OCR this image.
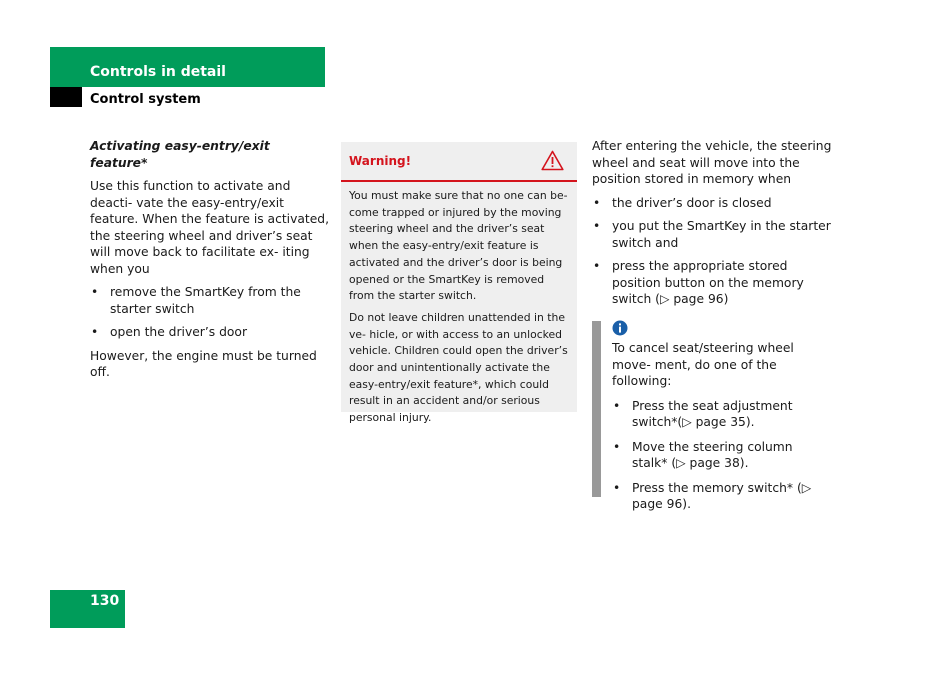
Controls in detail
Control system
Activating easy-entry/exit feature*

Use this function to activate and deacti- vate the easy-entry/exit feature. When the feature is activated, the steering wheel and driver’s seat will move back to facilitate ex- iting when you

• remove the SmartKey from the starter switch
• open the driver’s door

However, the engine must be turned off.

Warning!

You must make sure that no one can be- come trapped or injured by the moving steering wheel and the driver’s seat when the easy-entry/exit feature is activated and the driver’s door is being opened or the SmartKey is removed from the starter switch.

Do not leave children unattended in the ve- hicle, or with access to an unlocked vehicle. Children could open the driver’s door and unintentionally activate the easy-entry/exit feature*, which could result in an accident and/or serious personal injury.

After entering the vehicle, the steering wheel and seat will move into the position stored in memory when

• the driver’s door is closed
• you put the SmartKey in the starter switch and
• press the appropriate stored position button on the memory switch (▷ page 96)

To cancel seat/steering wheel move- ment, do one of the following:

• Press the seat adjustment switch*(▷ page 35).
• Move the steering column stalk* (▷ page 38).
• Press the memory switch* (▷ page 96).
130
